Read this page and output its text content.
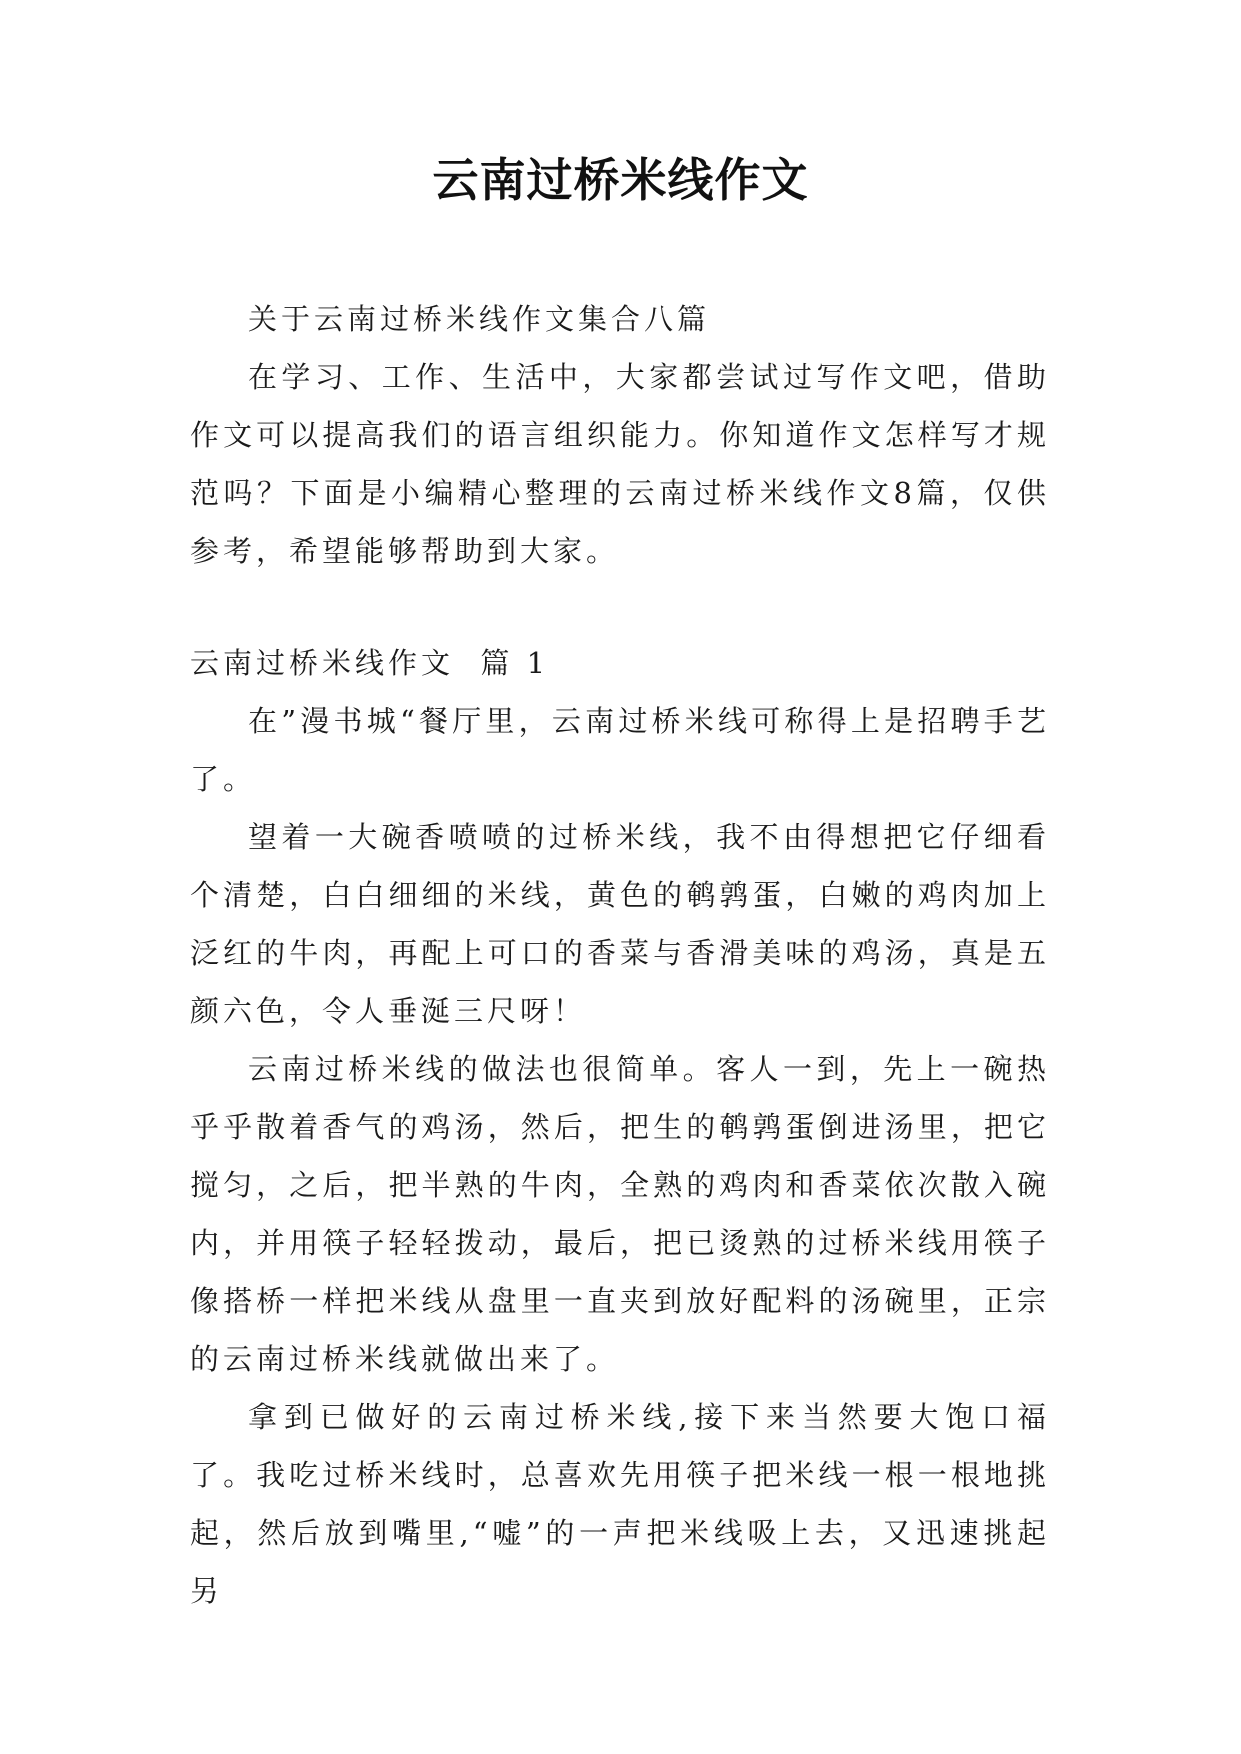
云南过桥米线作文
关于云南过桥米线作文集合八篇

在学习、工作、生活中，大家都尝试过写作文吧，借助作文可以提高我们的语言组织能力。你知道作文怎样写才规范吗？下面是小编精心整理的云南过桥米线作文8篇，仅供参考，希望能够帮助到大家。

云南过桥米线作文  篇 1

在”漫书城“餐厅里，云南过桥米线可称得上是招聘手艺了。

望着一大碗香喷喷的过桥米线，我不由得想把它仔细看个清楚，白白细细的米线，黄色的鹌鹑蛋，白嫩的鸡肉加上泛红的牛肉，再配上可口的香菜与香滑美味的鸡汤，真是五颜六色，令人垂涎三尺呀！

云南过桥米线的做法也很简单。客人一到，先上一碗热乎乎散着香气的鸡汤，然后，把生的鹌鹑蛋倒进汤里，把它搅匀，之后，把半熟的牛肉，全熟的鸡肉和香菜依次散入碗内，并用筷子轻轻拨动，最后，把已烫熟的过桥米线用筷子像搭桥一样把米线从盘里一直夹到放好配料的汤碗里，正宗的云南过桥米线就做出来了。

拿到已做好的云南过桥米线,接下来当然要大饱口福了。我吃过桥米线时，总喜欢先用筷子把米线一根一根地挑起，然后放到嘴里,“嘘”的一声把米线吸上去，又迅速挑起另
